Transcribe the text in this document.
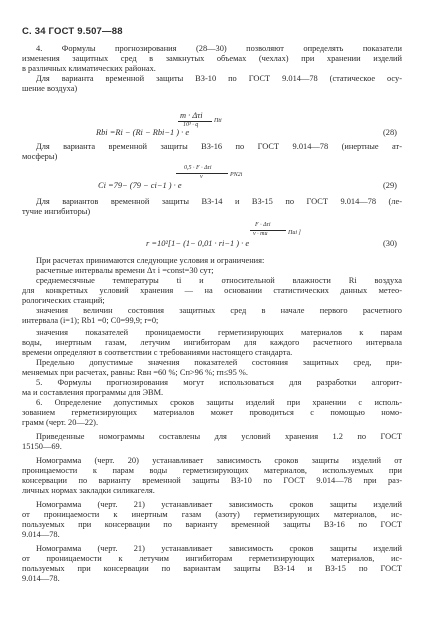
С. 34 ГОСТ 9.507—88
4. Формулы прогнозирования (28—30) позволяют определять показатели
изменения защитных сред в замкнутых объемах (чехлах) при хранении изделий
в различных климатических районах.
Для варианта временной защиты ВЗ-10 по ГОСТ 9.014—78 (статическое осу-
шение воздуха)
m · Δτi
10³ · q
Пti
Rbi =Ri − (Ri − Rbi−1 ) · e	(28)
Для варианта временной защиты ВЗ-16 по ГОСТ 9.014—78 (инертные ат-
мосферы)
0,5 · F · Δτi
v	PN2i
Ci =79− (79 − ci−1 ) · e	(29)
Для вариантов временной защиты ВЗ-14 и ВЗ-15 по ГОСТ 9.014—78 (ле-
тучие ингибиторы)
F · Δτi
v · mи	Пиi ]
r =10²[1− (1− 0,01 · ri−1 ) · e	(30)
При расчетах принимаются следующие условия и ограничения:
расчетные интервалы времени Δτ i =const=30 сут;
среднемесячные температуры ti и относительной влажности Ri воздуха
для конкретных условий хранения — на основании статистических данных метео-
рологических станций;
значения величин состояния защитных сред в начале первого расчетного
интервала (i=1); Rb1 =0; C0=99,9; r=0;
значения показателей проницаемости герметизирующих материалов к парам
воды, инертным газам, летучим ингибиторам для каждого расчетного интервала
времени определяют в соответствии с требованиями настоящего стандарта.
Предельно допустимые значения показателей состояния защитных сред, при-
меняемых при расчетах, равны: Rвн =60 %; Cп>96 %; rп≤95 %.
5. Формулы прогнозирования могут использоваться для разработки алгорит-
ма и составления программы для ЭВМ.
6. Определение допустимых сроков защиты изделий при хранении с исполь-
зованием герметизирующих материалов может проводиться с помощью номо-
грамм (черт. 20—22).
Приведенные номограммы составлены для условий хранения 1.2 по ГОСТ
15150—69.
Номограмма (черт. 20) устанавливает зависимость сроков защиты изделий от
проницаемости к парам воды герметизирующих материалов, используемых при
консервации по варианту временной защиты ВЗ-10 по ГОСТ 9.014—78 при раз-
личных нормах закладки силикагеля.
Номограмма (черт. 21) устанавливает зависимость сроков защиты изделий
от проницаемости к инертным газам (азоту) герметизирующих материалов, ис-
пользуемых при консервации по варианту временной защиты ВЗ-16 по ГОСТ
9.014—78.
Номограмма (черт. 21) устанавливает зависимость сроков защиты изделий
от проницаемости к летучим ингибиторам герметизирующих материалов, ис-
пользуемых при консервации по вариантам защиты ВЗ-14 и ВЗ-15 по ГОСТ
9.014—78.
